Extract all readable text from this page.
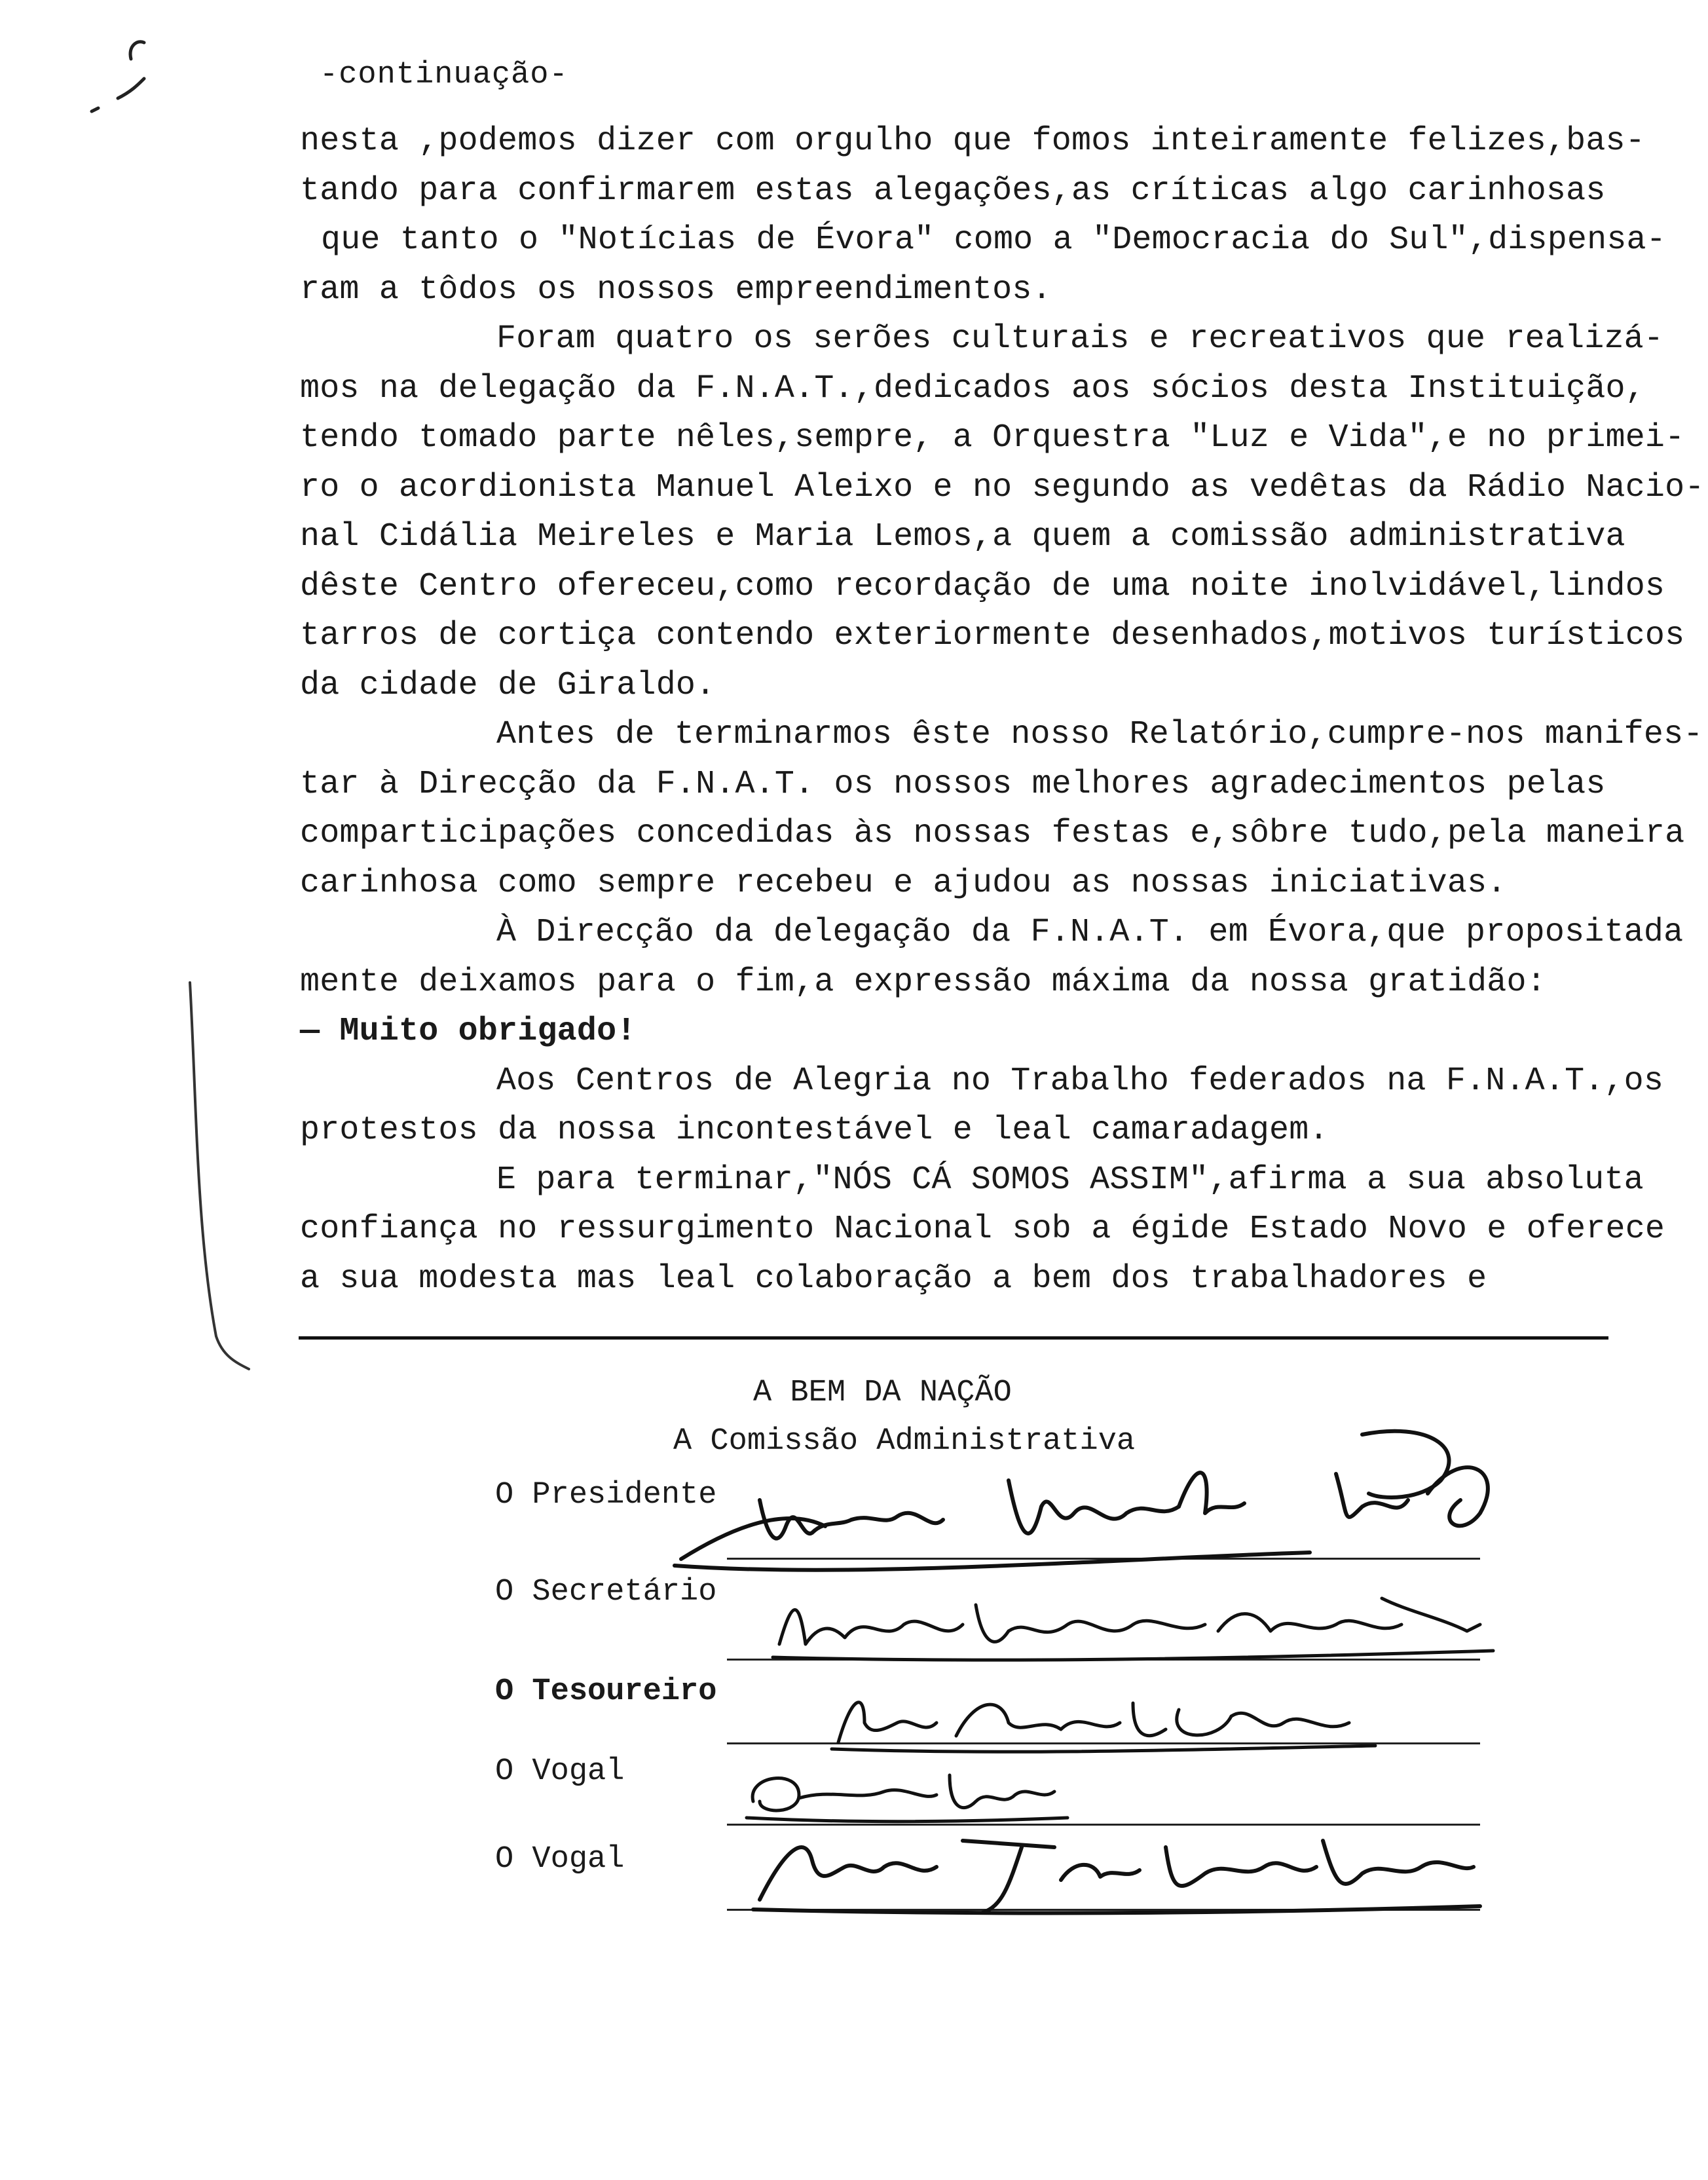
-continuação-
nesta ,podemos dizer com orgulho que fomos inteiramente felizes,bas-
tando para confirmarem estas alegações,as críticas algo carinhosas
que tanto o "Notícias de Évora" como a "Democracia do Sul",dispensa-
ram a tôdos os nossos empreendimentos.
Foram quatro os serões culturais e recreativos que realizá-
mos na delegação da F.N.A.T.,dedicados aos sócios desta Instituição,
tendo tomado parte nêles,sempre, a Orquestra "Luz e Vida",e no primei-
ro o acordionista Manuel Aleixo e no segundo as vedêtas da Rádio Nacio-
nal Cidália Meireles e Maria Lemos,a quem a comissão administrativa
dêste Centro ofereceu,como recordação de uma noite inolvidável,lindos
tarros de cortiça contendo exteriormente desenhados,motivos turísticos
da cidade de Giraldo.
Antes de terminarmos êste nosso Relatório,cumpre-nos manifes-
tar à Direcção da F.N.A.T. os nossos melhores agradecimentos pelas
comparticipações concedidas às nossas festas e,sôbre tudo,pela maneira
carinhosa como sempre recebeu e ajudou as nossas iniciativas.
À Direcção da delegação da F.N.A.T. em Évora,que propositada
mente deixamos para o fim,a expressão máxima da nossa gratidão:
— Muito obrigado!
Aos Centros de Alegria no Trabalho federados na F.N.A.T.,os
protestos da nossa incontestável e leal camaradagem.
E para terminar,"NÓS CÁ SOMOS ASSIM",afirma a sua absoluta
confiança no ressurgimento Nacional sob a égide Estado Novo e oferece
a sua modesta mas leal colaboração a bem dos trabalhadores e
A BEM DA NAÇÃO
A Comissão Administrativa
O Presidente
O Secretário
O Tesoureiro
O Vogal
O Vogal
